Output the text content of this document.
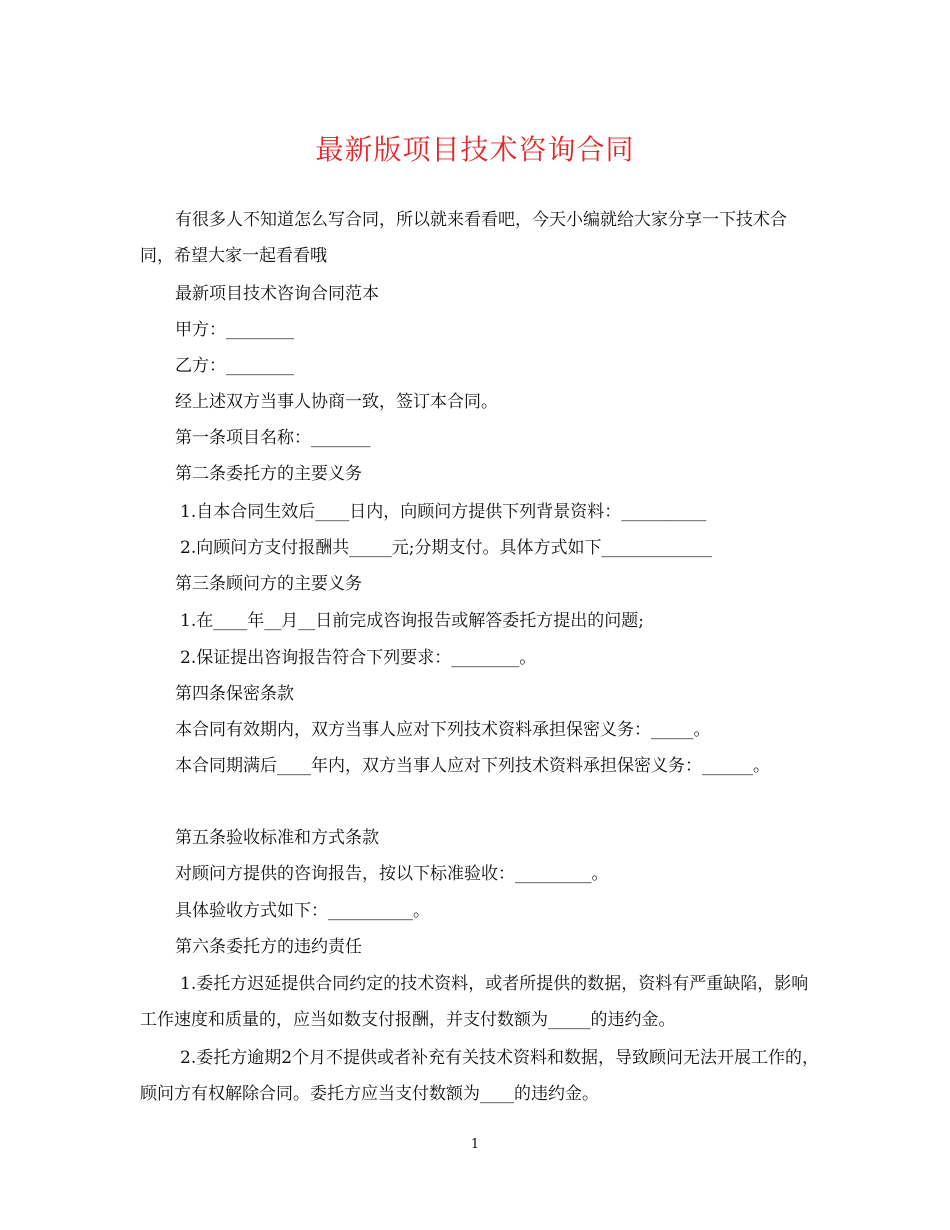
最新版项目技术咨询合同
有很多人不知道怎么写合同，所以就来看看吧，今天小编就给大家分享一下技术合同，希望大家一起看看哦
最新项目技术咨询合同范本
甲方：________
乙方：________
经上述双方当事人协商一致，签订本合同。
第一条项目名称：_______
第二条委托方的主要义务
1.自本合同生效后____日内，向顾问方提供下列背景资料：__________
2.向顾问方支付报酬共_____元;分期支付。具体方式如下_____________
第三条顾问方的主要义务
1.在____年__月__日前完成咨询报告或解答委托方提出的问题;
2.保证提出咨询报告符合下列要求：________。
第四条保密条款
本合同有效期内，双方当事人应对下列技术资料承担保密义务：_____。
本合同期满后____年内，双方当事人应对下列技术资料承担保密义务：______。
第五条验收标准和方式条款
对顾问方提供的咨询报告，按以下标准验收：_________。
具体验收方式如下：__________。
第六条委托方的违约责任
1.委托方迟延提供合同约定的技术资料，或者所提供的数据，资料有严重缺陷，影响工作速度和质量的，应当如数支付报酬，并支付数额为_____的违约金。
2.委托方逾期2个月不提供或者补充有关技术资料和数据，导致顾问无法开展工作的，顾问方有权解除合同。委托方应当支付数额为____的违约金。
1
